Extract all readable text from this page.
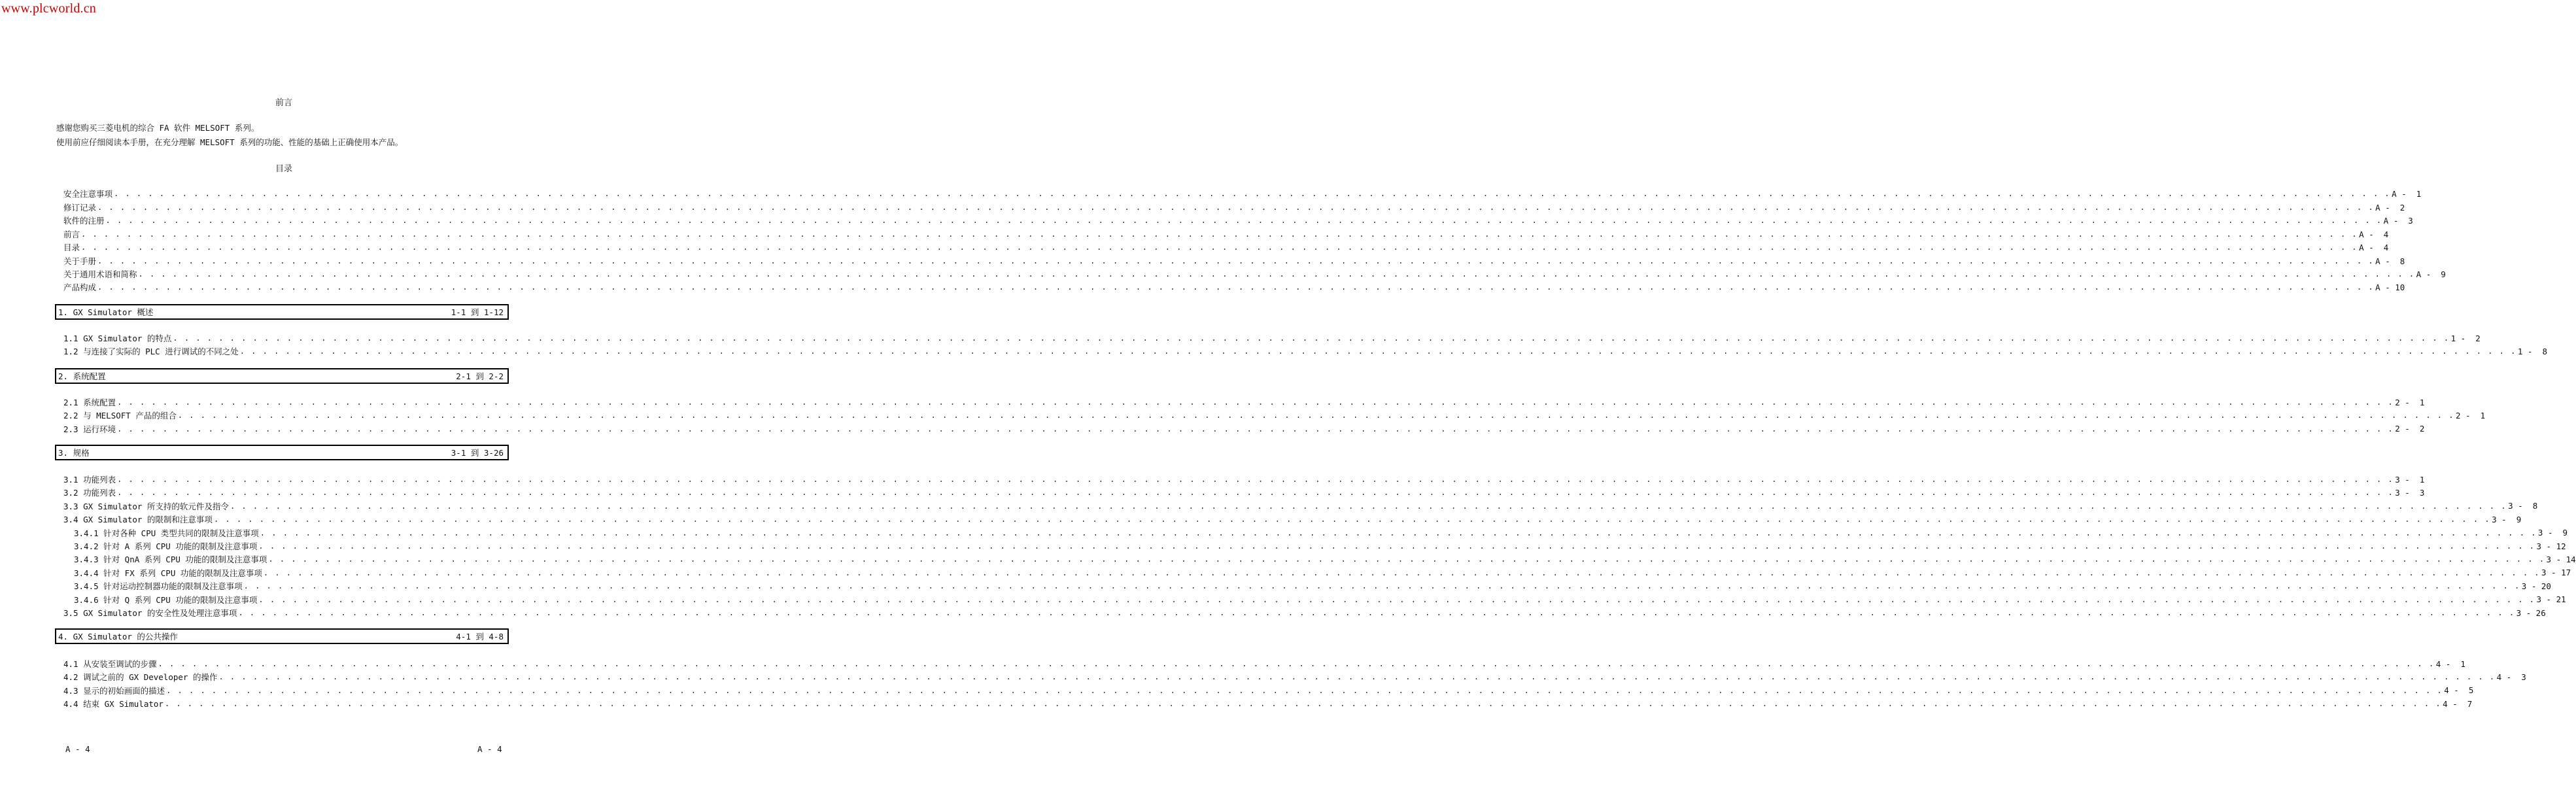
www.plcworld.cn
前言
感谢您购买三菱电机的综合 FA 软件 MELSOFT 系列。
使用前应仔细阅读本手册，在充分理解 MELSOFT 系列的功能、性能的基础上正确使用本产品。
目录
安全注意事项 . . . . . . . . . . . . . . . . . . . . . . . . . . . . . . . . . . . . . . . . . . . . . . . . . . . . . . . . . . . . . . . . . . . . . . . . . . . . . . . . . . . . . . . . . . . . . . . . . . . . . . . . . . . . . . . . . . . . . . . . . . . . . . . . . . . . . . . . . . . . . . . . . . . . . . . . . . . . . . . . . . . . . . . . . . . . . . . . . . . . . . . . . . . . . . . . . . . . . . . . A -  1
修订记录 . . . . . . . . . . . . . . . . . . . . . . . . . . . . . . . . . . . . . . . . . . . . . . . . . . . . . . . . . . . . . . . . . . . . . . . . . . . . . . . . . . . . . . . . . . . . . . . . . . . . . . . . . . . . . . . . . . . . . . . . . . . . . . . . . . . . . . . . . . . . . . . . . . . . . . . . . . . . . . . . . . . . . . . . . . . . . . . . . . . . . . . . . . . . . . . . . . . . . . . . A -  2
软件的注册 . . . . . . . . . . . . . . . . . . . . . . . . . . . . . . . . . . . . . . . . . . . . . . . . . . . . . . . . . . . . . . . . . . . . . . . . . . . . . . . . . . . . . . . . . . . . . . . . . . . . . . . . . . . . . . . . . . . . . . . . . . . . . . . . . . . . . . . . . . . . . . . . . . . . . . . . . . . . . . . . . . . . . . . . . . . . . . . . . . . . . . . . . . . . . . . . . . . . . . . . A -  3
前言 . . . . . . . . . . . . . . . . . . . . . . . . . . . . . . . . . . . . . . . . . . . . . . . . . . . . . . . . . . . . . . . . . . . . . . . . . . . . . . . . . . . . . . . . . . . . . . . . . . . . . . . . . . . . . . . . . . . . . . . . . . . . . . . . . . . . . . . . . . . . . . . . . . . . . . . . . . . . . . . . . . . . . . . . . . . . . . . . . . . . . . . . . . . . . . . . . . . . . . . . A -  4
目录 . . . . . . . . . . . . . . . . . . . . . . . . . . . . . . . . . . . . . . . . . . . . . . . . . . . . . . . . . . . . . . . . . . . . . . . . . . . . . . . . . . . . . . . . . . . . . . . . . . . . . . . . . . . . . . . . . . . . . . . . . . . . . . . . . . . . . . . . . . . . . . . . . . . . . . . . . . . . . . . . . . . . . . . . . . . . . . . . . . . . . . . . . . . . . . . . . . . . . . . . A -  4
关于手册 . . . . . . . . . . . . . . . . . . . . . . . . . . . . . . . . . . . . . . . . . . . . . . . . . . . . . . . . . . . . . . . . . . . . . . . . . . . . . . . . . . . . . . . . . . . . . . . . . . . . . . . . . . . . . . . . . . . . . . . . . . . . . . . . . . . . . . . . . . . . . . . . . . . . . . . . . . . . . . . . . . . . . . . . . . . . . . . . . . . . . . . . . . . . . . . . . . . . . . . . A -  8
关于通用术语和简称 . . . . . . . . . . . . . . . . . . . . . . . . . . . . . . . . . . . . . . . . . . . . . . . . . . . . . . . . . . . . . . . . . . . . . . . . . . . . . . . . . . . . . . . . . . . . . . . . . . . . . . . . . . . . . . . . . . . . . . . . . . . . . . . . . . . . . . . . . . . . . . . . . . . . . . . . . . . . . . . . . . . . . . . . . . . . . . . . . . . . . . . . . . . . . . . . . . . . . . . . A -  9
产品构成 . . . . . . . . . . . . . . . . . . . . . . . . . . . . . . . . . . . . . . . . . . . . . . . . . . . . . . . . . . . . . . . . . . . . . . . . . . . . . . . . . . . . . . . . . . . . . . . . . . . . . . . . . . . . . . . . . . . . . . . . . . . . . . . . . . . . . . . . . . . . . . . . . . . . . . . . . . . . . . . . . . . . . . . . . . . . . . . . . . . . . . . . . . . . . . . . . . . . . . . . A - 10
1. GX Simulator 概述	1-1 到 1-12
1.1 GX Simulator 的特点 . . . . . . . . . . . . . . . . . . . . . . . . . . . . . . . . . . . . . . . . . . . . . . . . . . . . . . . . . . . . . . . . . . . . . . . . . . . . . . . . . . . . . . . . . . . . . . . . . . . . . . . . . . . . . . . . . . . . . . . . . . . . . . . . . . . . . . . . . . . . . . . . . . . . . . . . . . . . . . . . . . . . . . . . . . . . . . . . . . . . . . . . . . . . . . . . . . . . . . . . 1 -  2
1.2 与连接了实际的 PLC 进行调试的不同之处 . . . . . . . . . . . . . . . . . . . . . . . . . . . . . . . . . . . . . . . . . . . . . . . . . . . . . . . . . . . . . . . . . . . . . . . . . . . . . . . . . . . . . . . . . . . . . . . . . . . . . . . . . . . . . . . . . . . . . . . . . . . . . . . . . . . . . . . . . . . . . . . . . . . . . . . . . . . . . . . . . . . . . . . . . . . . . . . . . . . . . . . . . . . . . . . . . . . . . . . . 1 -  8
2. 系统配置	2-1 到 2-2
2.1 系统配置 . . . . . . . . . . . . . . . . . . . . . . . . . . . . . . . . . . . . . . . . . . . . . . . . . . . . . . . . . . . . . . . . . . . . . . . . . . . . . . . . . . . . . . . . . . . . . . . . . . . . . . . . . . . . . . . . . . . . . . . . . . . . . . . . . . . . . . . . . . . . . . . . . . . . . . . . . . . . . . . . . . . . . . . . . . . . . . . . . . . . . . . . . . . . . . . . . . . . . . . . 2 -  1
2.2 与 MELSOFT 产品的组合 . . . . . . . . . . . . . . . . . . . . . . . . . . . . . . . . . . . . . . . . . . . . . . . . . . . . . . . . . . . . . . . . . . . . . . . . . . . . . . . . . . . . . . . . . . . . . . . . . . . . . . . . . . . . . . . . . . . . . . . . . . . . . . . . . . . . . . . . . . . . . . . . . . . . . . . . . . . . . . . . . . . . . . . . . . . . . . . . . . . . . . . . . . . . . . . . . . . . . . . . 2 -  1
2.3 运行环境 . . . . . . . . . . . . . . . . . . . . . . . . . . . . . . . . . . . . . . . . . . . . . . . . . . . . . . . . . . . . . . . . . . . . . . . . . . . . . . . . . . . . . . . . . . . . . . . . . . . . . . . . . . . . . . . . . . . . . . . . . . . . . . . . . . . . . . . . . . . . . . . . . . . . . . . . . . . . . . . . . . . . . . . . . . . . . . . . . . . . . . . . . . . . . . . . . . . . . . . . 2 -  2
3. 规格	3-1 到 3-26
3.1 功能列表 . . . . . . . . . . . . . . . . . . . . . . . . . . . . . . . . . . . . . . . . . . . . . . . . . . . . . . . . . . . . . . . . . . . . . . . . . . . . . . . . . . . . . . . . . . . . . . . . . . . . . . . . . . . . . . . . . . . . . . . . . . . . . . . . . . . . . . . . . . . . . . . . . . . . . . . . . . . . . . . . . . . . . . . . . . . . . . . . . . . . . . . . . . . . . . . . . . . . . . . . 3 -  1
3.2 功能列表 . . . . . . . . . . . . . . . . . . . . . . . . . . . . . . . . . . . . . . . . . . . . . . . . . . . . . . . . . . . . . . . . . . . . . . . . . . . . . . . . . . . . . . . . . . . . . . . . . . . . . . . . . . . . . . . . . . . . . . . . . . . . . . . . . . . . . . . . . . . . . . . . . . . . . . . . . . . . . . . . . . . . . . . . . . . . . . . . . . . . . . . . . . . . . . . . . . . . . . . . 3 -  3
3.3 GX Simulator 所支持的软元件及指令 . . . . . . . . . . . . . . . . . . . . . . . . . . . . . . . . . . . . . . . . . . . . . . . . . . . . . . . . . . . . . . . . . . . . . . . . . . . . . . . . . . . . . . . . . . . . . . . . . . . . . . . . . . . . . . . . . . . . . . . . . . . . . . . . . . . . . . . . . . . . . . . . . . . . . . . . . . . . . . . . . . . . . . . . . . . . . . . . . . . . . . . . . . . . . . . . . . . . . . . . 3 -  8
3.4 GX Simulator 的限制和注意事项 . . . . . . . . . . . . . . . . . . . . . . . . . . . . . . . . . . . . . . . . . . . . . . . . . . . . . . . . . . . . . . . . . . . . . . . . . . . . . . . . . . . . . . . . . . . . . . . . . . . . . . . . . . . . . . . . . . . . . . . . . . . . . . . . . . . . . . . . . . . . . . . . . . . . . . . . . . . . . . . . . . . . . . . . . . . . . . . . . . . . . . . . . . . . . . . . . . . . . . . . 3 -  9
3.4.1 针对各种 CPU 类型共同的限制及注意事项 . . . . . . . . . . . . . . . . . . . . . . . . . . . . . . . . . . . . . . . . . . . . . . . . . . . . . . . . . . . . . . . . . . . . . . . . . . . . . . . . . . . . . . . . . . . . . . . . . . . . . . . . . . . . . . . . . . . . . . . . . . . . . . . . . . . . . . . . . . . . . . . . . . . . . . . . . . . . . . . . . . . . . . . . . . . . . . . . . . . . . . . . . . . . . . . . . . . . . . . . 3 -  9
3.4.2 针对 A 系列 CPU 功能的限制及注意事项 . . . . . . . . . . . . . . . . . . . . . . . . . . . . . . . . . . . . . . . . . . . . . . . . . . . . . . . . . . . . . . . . . . . . . . . . . . . . . . . . . . . . . . . . . . . . . . . . . . . . . . . . . . . . . . . . . . . . . . . . . . . . . . . . . . . . . . . . . . . . . . . . . . . . . . . . . . . . . . . . . . . . . . . . . . . . . . . . . . . . . . . . . . . . . . . . . . . . . . . . 3 - 12
3.4.3 针对 QnA 系列 CPU 功能的限制及注意事项 . . . . . . . . . . . . . . . . . . . . . . . . . . . . . . . . . . . . . . . . . . . . . . . . . . . . . . . . . . . . . . . . . . . . . . . . . . . . . . . . . . . . . . . . . . . . . . . . . . . . . . . . . . . . . . . . . . . . . . . . . . . . . . . . . . . . . . . . . . . . . . . . . . . . . . . . . . . . . . . . . . . . . . . . . . . . . . . . . . . . . . . . . . . . . . . . . . . . . . . . 3 - 14
3.4.4 针对 FX 系列 CPU 功能的限制及注意事项 . . . . . . . . . . . . . . . . . . . . . . . . . . . . . . . . . . . . . . . . . . . . . . . . . . . . . . . . . . . . . . . . . . . . . . . . . . . . . . . . . . . . . . . . . . . . . . . . . . . . . . . . . . . . . . . . . . . . . . . . . . . . . . . . . . . . . . . . . . . . . . . . . . . . . . . . . . . . . . . . . . . . . . . . . . . . . . . . . . . . . . . . . . . . . . . . . . . . . . . . 3 - 17
3.4.5 针对运动控制器功能的限制及注意事项 . . . . . . . . . . . . . . . . . . . . . . . . . . . . . . . . . . . . . . . . . . . . . . . . . . . . . . . . . . . . . . . . . . . . . . . . . . . . . . . . . . . . . . . . . . . . . . . . . . . . . . . . . . . . . . . . . . . . . . . . . . . . . . . . . . . . . . . . . . . . . . . . . . . . . . . . . . . . . . . . . . . . . . . . . . . . . . . . . . . . . . . . . . . . . . . . . . . . . . . . 3 - 20
3.4.6 针对 Q 系列 CPU 功能的限制及注意事项 . . . . . . . . . . . . . . . . . . . . . . . . . . . . . . . . . . . . . . . . . . . . . . . . . . . . . . . . . . . . . . . . . . . . . . . . . . . . . . . . . . . . . . . . . . . . . . . . . . . . . . . . . . . . . . . . . . . . . . . . . . . . . . . . . . . . . . . . . . . . . . . . . . . . . . . . . . . . . . . . . . . . . . . . . . . . . . . . . . . . . . . . . . . . . . . . . . . . . . . . 3 - 21
3.5 GX Simulator 的安全性及处理注意事项 . . . . . . . . . . . . . . . . . . . . . . . . . . . . . . . . . . . . . . . . . . . . . . . . . . . . . . . . . . . . . . . . . . . . . . . . . . . . . . . . . . . . . . . . . . . . . . . . . . . . . . . . . . . . . . . . . . . . . . . . . . . . . . . . . . . . . . . . . . . . . . . . . . . . . . . . . . . . . . . . . . . . . . . . . . . . . . . . . . . . . . . . . . . . . . . . . . . . . . . . 3 - 26
4. GX Simulator 的公共操作	4-1 到 4-8
4.1 从安装至调试的步骤 . . . . . . . . . . . . . . . . . . . . . . . . . . . . . . . . . . . . . . . . . . . . . . . . . . . . . . . . . . . . . . . . . . . . . . . . . . . . . . . . . . . . . . . . . . . . . . . . . . . . . . . . . . . . . . . . . . . . . . . . . . . . . . . . . . . . . . . . . . . . . . . . . . . . . . . . . . . . . . . . . . . . . . . . . . . . . . . . . . . . . . . . . . . . . . . . . . . . . . . . 4 -  1
4.2 调试之前的 GX Developer 的操作 . . . . . . . . . . . . . . . . . . . . . . . . . . . . . . . . . . . . . . . . . . . . . . . . . . . . . . . . . . . . . . . . . . . . . . . . . . . . . . . . . . . . . . . . . . . . . . . . . . . . . . . . . . . . . . . . . . . . . . . . . . . . . . . . . . . . . . . . . . . . . . . . . . . . . . . . . . . . . . . . . . . . . . . . . . . . . . . . . . . . . . . . . . . . . . . . . . . . . . . . 4 -  3
4.3 显示的初始画面的描述 . . . . . . . . . . . . . . . . . . . . . . . . . . . . . . . . . . . . . . . . . . . . . . . . . . . . . . . . . . . . . . . . . . . . . . . . . . . . . . . . . . . . . . . . . . . . . . . . . . . . . . . . . . . . . . . . . . . . . . . . . . . . . . . . . . . . . . . . . . . . . . . . . . . . . . . . . . . . . . . . . . . . . . . . . . . . . . . . . . . . . . . . . . . . . . . . . . . . . . . . 4 -  5
4.4 结束 GX Simulator . . . . . . . . . . . . . . . . . . . . . . . . . . . . . . . . . . . . . . . . . . . . . . . . . . . . . . . . . . . . . . . . . . . . . . . . . . . . . . . . . . . . . . . . . . . . . . . . . . . . . . . . . . . . . . . . . . . . . . . . . . . . . . . . . . . . . . . . . . . . . . . . . . . . . . . . . . . . . . . . . . . . . . . . . . . . . . . . . . . . . . . . . . . . . . . . . . . . . . . . 4 -  7
A - 4	A - 4
